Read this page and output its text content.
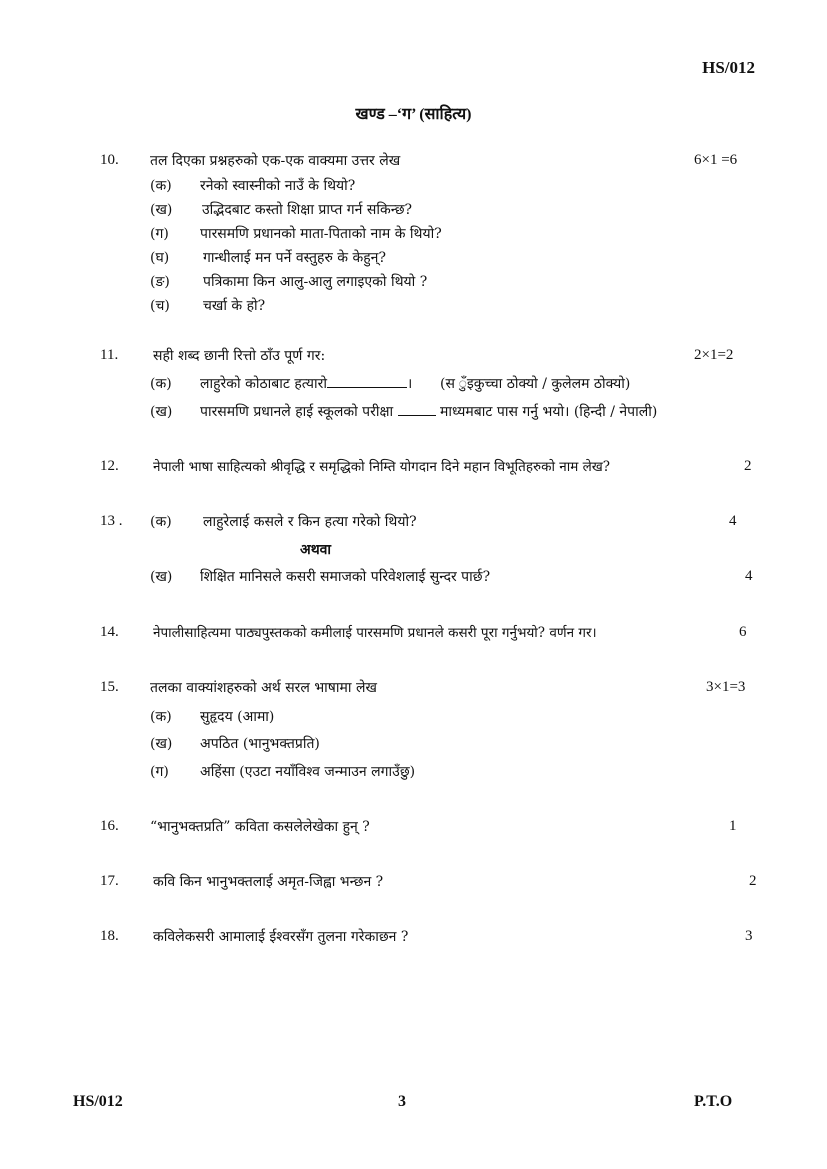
HS/012
खण्ड –‘ग’ (साहित्य)
10. तल दिएका प्रश्नहरुको एक-एक वाक्यमा उत्तर लेख	6×1 =6
(क) रनेको स्वास्नीको नाउँ के थियो?
(ख) उद्भिदबाट कस्तो शिक्षा प्राप्त गर्न सकिन्छ?
(ग) पारसमणि प्रधानको माता-पिताको नाम के थियो?
(घ) गान्धीलाई मन पर्ने वस्तुहरु के केहुन्?
(ङ) पत्रिकामा किन आलु-आलु लगाइएको थियो ?
(च) चर्खा के हो?
11. सही शब्द छानी रित्तो ठाँउ पूर्ण गर:	2×1=2
(क) लाहुरेको कोठाबाट हत्यारो	। (स ुँइकुच्चा ठोक्यो / कुलेलम ठोक्यो)
(ख) पारसमणि प्रधानले हाई स्कूलको परीक्षा	माध्यमबाट पास गर्नु भयो। (हिन्दी / नेपाली)
12.	नेपाली भाषा साहित्यको श्रीवृद्धि र समृद्धिको निम्ति योगदान दिने महान विभूतिहरुको नाम लेख?	2
13 . (क) लाहुरेलाई कसले र किन हत्या गरेको थियो?	4
अथवा
(ख) शिक्षित मानिसले कसरी समाजको परिवेशलाई सुन्दर पार्छ?	4
14.	नेपालीसाहित्यमा पाठ्यपुस्तकको कमीलाई पारसमणि प्रधानले कसरी पूरा गर्नुभयो? वर्णन गर।	6
15. तलका वाक्यांशहरुको अर्थ सरल भाषामा लेख	3×1=3
(क) सुहृदय (आमा)
(ख) अपठित (भानुभक्तप्रति)
(ग) अहिंसा (एउटा नयाँविश्व जन्माउन लगाउँछु)
16. “भानुभक्तप्रति” कविता कसलेलेखेका हुन् ?	1
17. कवि किन भानुभक्तलाई अमृत-जिह्वा भन्छन ?	2
18. कविलेकसरी आमालाई ईश्वरसँग तुलना गरेकाछन ?	3
HS/012	3	P.T.O
